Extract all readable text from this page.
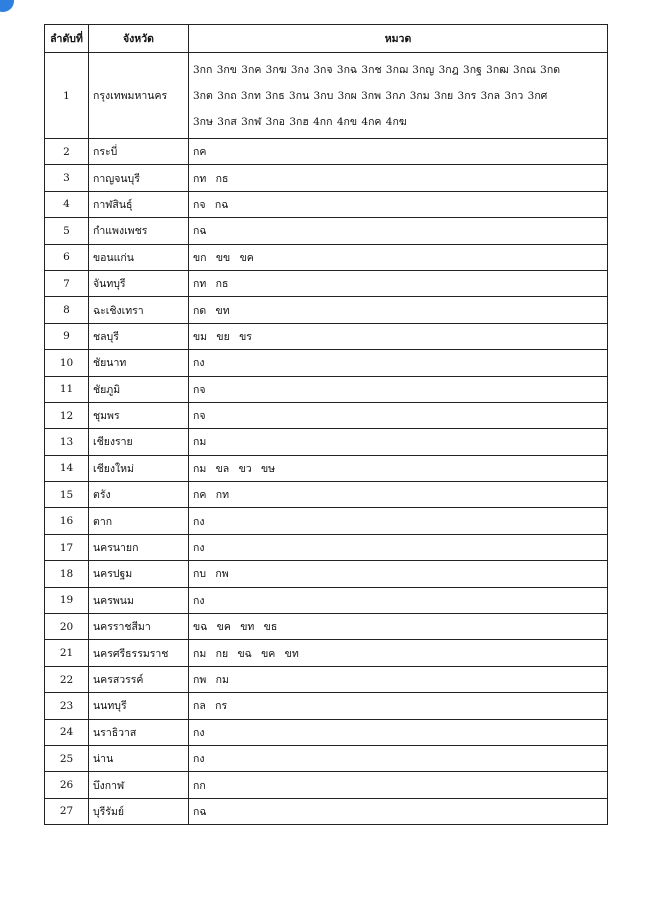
ลำดับที่	จังหวัด	หมวด
1	กรุงเทพมหานคร	3กก 3กข 3กค 3กฆ 3กง 3กจ 3กฉ 3กช 3กฌ 3กญ 3กฎ 3กฐ 3กฒ 3กณ 3กด
3กต 3กถ 3กท 3กธ 3กน 3กบ 3กผ 3กพ 3กภ 3กม 3กย 3กร 3กล 3กว 3กศ
3กษ 3กส 3กฬ 3กอ 3กฮ 4กก 4กข 4กค 4กฆ

2	กระบี่	กค

3	กาญจนบุรี	กท กธ

4	กาฬสินธุ์	กจ กฉ

5	กำแพงเพชร	กฉ

6	ขอนแก่น	ขก ขข ขค

7	จันทบุรี	กท กธ

8	ฉะเชิงเทรา	กด ขท

9	ชลบุรี	ขม ขย ขร

10	ชัยนาท	กง

11	ชัยภูมิ	กจ

12	ชุมพร	กจ

13	เชียงราย	กม

14	เชียงใหม่	กม ขล ขว ขษ

15	ตรัง	กค กท

16	ตาก	กง

17	นครนายก	กง

18	นครปฐม	กบ กพ

19	นครพนม	กง

20	นครราชสีมา	ขฉ ขค ขท ขธ

21	นครศรีธรรมราช	กม กย ขฉ ขค ขท

22	นครสวรรค์	กพ กม

23	นนทบุรี	กล กร

24	นราธิวาส	กง

25	น่าน	กง

26	บึงกาฬ	กก

27	บุรีรัมย์	กฉ
